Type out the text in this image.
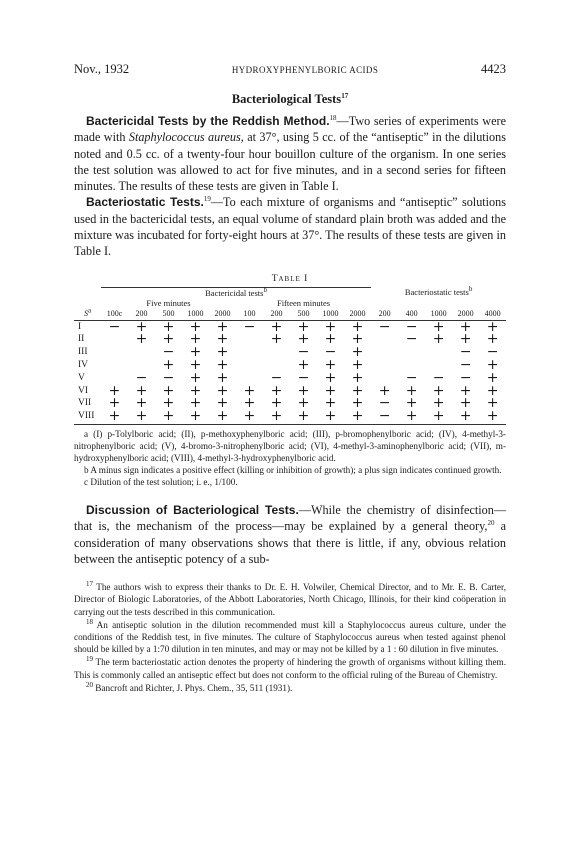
Nov., 1932	HYDROXYPHENYLBORIC ACIDS	4423
Bacteriological Tests$^{17}$

Bactericidal Tests by the Reddish Method.$^{18}$—Two series of experiments were made with Staphylococcus aureus, at 37°, using 5 cc. of the “antiseptic” in the dilutions noted and 0.5 cc. of a twenty-four hour bouillon culture of the organism. In one series the test solution was allowed to act for five minutes, and in a second series for fifteen minutes. The results of these tests are given in Table I.

Bacteriostatic Tests.$^{19}$—To each mixture of organisms and “antiseptic” solutions used in the bactericidal tests, an equal volume of standard plain broth was added and the mixture was incubated for forty-eight hours at 37°. The results of these tests are given in Table I.

Table I
	Bactericidal tests$^b$										Bacteriostatic tests$^b$
	Five minutes					Fifteen minutes									
$S^a$	100c	200	500	1000	2000	100	200	500	1000	2000	200	400	1000	2000	4000
I	−	+	+	+	+	−	+	+	+	+	−	−	+	+	+
II		+	+	+	+		+	+	+	+		−	+	+	+
III			−	+	+			−	−	+				−	−
IV			+	+	+			+	+	+				−	+
V		−	−	+	+		−	−	+	+		−	−	−	+
VI	+	+	+	+	+	+	+	+	+	+	+	+	+	+	+
VII	+	+	+	+	+	+	+	+	+	+	−	+	+	+	+
VIII	+	+	+	+	+	+	+	+	+	+	−	+	+	+	+

a (I) p-Tolylboric acid; (II), p-methoxyphenylboric acid; (III), p-bromophenylboric acid; (IV), 4-methyl-3-nitrophenylboric acid; (V), 4-bromo-3-nitrophenylboric acid; (VI), 4-methyl-3-aminophenylboric acid; (VII), m-hydroxyphenylboric acid; (VIII), 4-methyl-3-hydroxyphenylboric acid.

b A minus sign indicates a positive effect (killing or inhibition of growth); a plus sign indicates continued growth.

c Dilution of the test solution; i. e., 1/100.

Discussion of Bacteriological Tests.—While the chemistry of disinfection—that is, the mechanism of the process—may be explained by a general theory,$^{20}$ a consideration of many observations shows that there is little, if any, obvious relation between the antiseptic potency of a sub-

$^{17}$ The authors wish to express their thanks to Dr. E. H. Volwiler, Chemical Director, and to Mr. E. B. Carter, Director of Biologic Laboratories, of the Abbott Laboratories, North Chicago, Illinois, for their kind coöperation in carrying out the tests described in this communication.

$^{18}$ An antiseptic solution in the dilution recommended must kill a Staphylococcus aureus culture, under the conditions of the Reddish test, in five minutes. The culture of Staphylococcus aureus when tested against phenol should be killed by a 1:70 dilution in ten minutes, and may or may not be killed by a 1 : 60 dilution in five minutes.

$^{19}$ The term bacteriostatic action denotes the property of hindering the growth of organisms without killing them. This is commonly called an antiseptic effect but does not conform to the official ruling of the Bureau of Chemistry.

$^{20}$ Bancroft and Richter, J. Phys. Chem., 35, 511 (1931).
